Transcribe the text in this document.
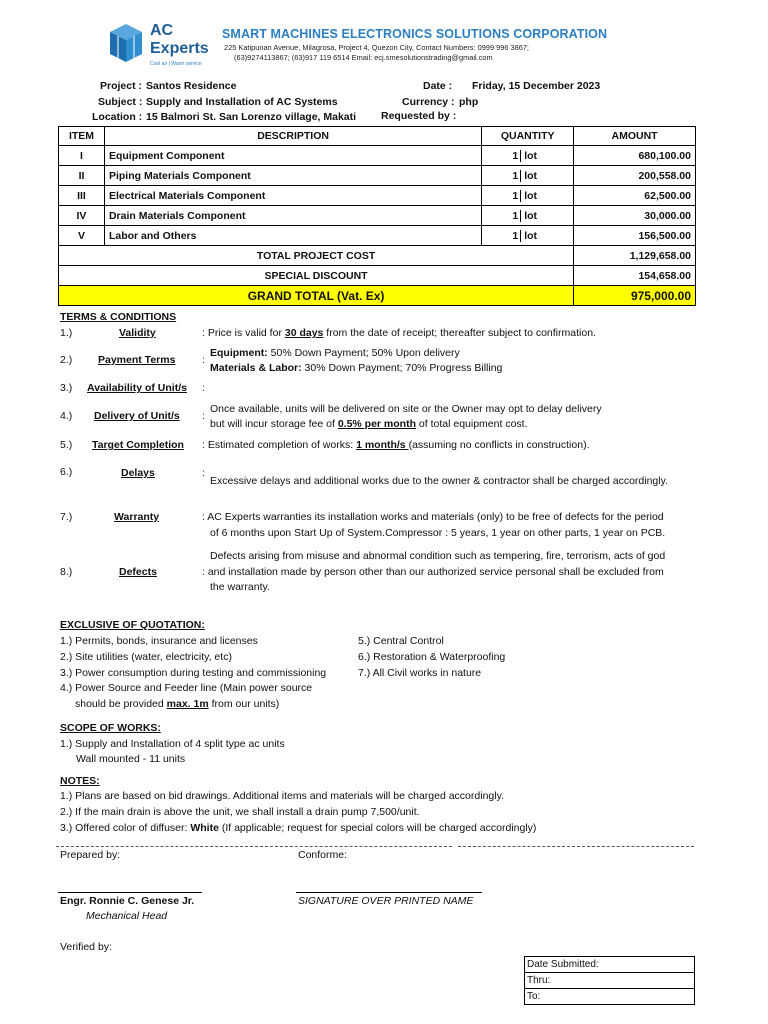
AC
Experts
Cool air | Warm service
SMART MACHINES ELECTRONICS SOLUTIONS CORPORATION
225 Katipunan Avenue, Milagrosa, Project 4, Quezon City, Contact Numbers: 0999 996 3867;
(63)9274113867; (63)917 119 6514 Email: ecj.smesolutionstrading@gmail.com
Project : Santos Residence
Subject : Supply and Installation of AC Systems
Location : 15 Balmori St. San Lorenzo village, Makati
Date : Friday, 15 December 2023
Currency : php
Requested by :
ITEM	DESCRIPTION	QUANTITY	AMOUNT
I	Equipment Component	1 lot	680,100.00
II	Piping Materials Component	1 lot	200,558.00
III	Electrical Materials Component	1 lot	62,500.00
IV	Drain Materials Component	1 lot	30,000.00
V	Labor and Others	1 lot	156,500.00
TOTAL PROJECT COST			1,129,658.00
SPECIAL DISCOUNT			154,658.00
GRAND TOTAL (Vat. Ex)			975,000.00
TERMS & CONDITIONS
1.)	Validity	: Price is valid for 30 days from the date of receipt; thereafter subject to confirmation.
2.) Payment Terms	:
Equipment: 50% Down Payment; 50% Upon delivery
Materials & Labor: 30% Down Payment; 70% Progress Billing
3.) Availability of Unit/s :
4.) Delivery of Unit/s :
Once available, units will be delivered on site or the Owner may opt to delay delivery
but will incur storage fee of 0.5% per month of total equipment cost.
5.) Target Completion : Estimated completion of works: 1 month/s (assuming no conflicts in construction).
6.)	Delays	:
Excessive delays and additional works due to the owner & contractor shall be charged accordingly.
7.)	Warranty	: AC Experts warranties its installation works and materials (only) to be free of defects for the period
of 6 months upon Start Up of System.Compressor : 5 years, 1 year on other parts, 1 year on PCB.
8.)	Defects
Defects arising from misuse and abnormal condition such as tempering, fire, terrorism, acts of god
: and installation made by person other than our authorized service personal shall be excluded from
the warranty.
EXCLUSIVE OF QUOTATION:
1.) Permits, bonds, insurance and licenses
2.) Site utilities (water, electricity, etc)
3.) Power consumption during testing and commissioning
4.) Power Source and Feeder line (Main power source
should be provided max. 1m from our units)
5.) Central Control
6.) Restoration & Waterproofing
7.) All Civil works in nature
SCOPE OF WORKS:
1.) Supply and Installation of 4 split type ac units
Wall mounted - 11 units
NOTES:
1.) Plans are based on bid drawings. Additional items and materials will be charged accordingly.
2.) If the main drain is above the unit, we shall install a drain pump 7,500/unit.
3.) Offered color of diffuser: White (If applicable; request for special colors will be charged accordingly)
Prepared by:	Conforme:
Engr. Ronnie C. Genese Jr.
Mechanical Head
SIGNATURE OVER PRINTED NAME
Verified by:
Date Submitted:
Thru:
To:
